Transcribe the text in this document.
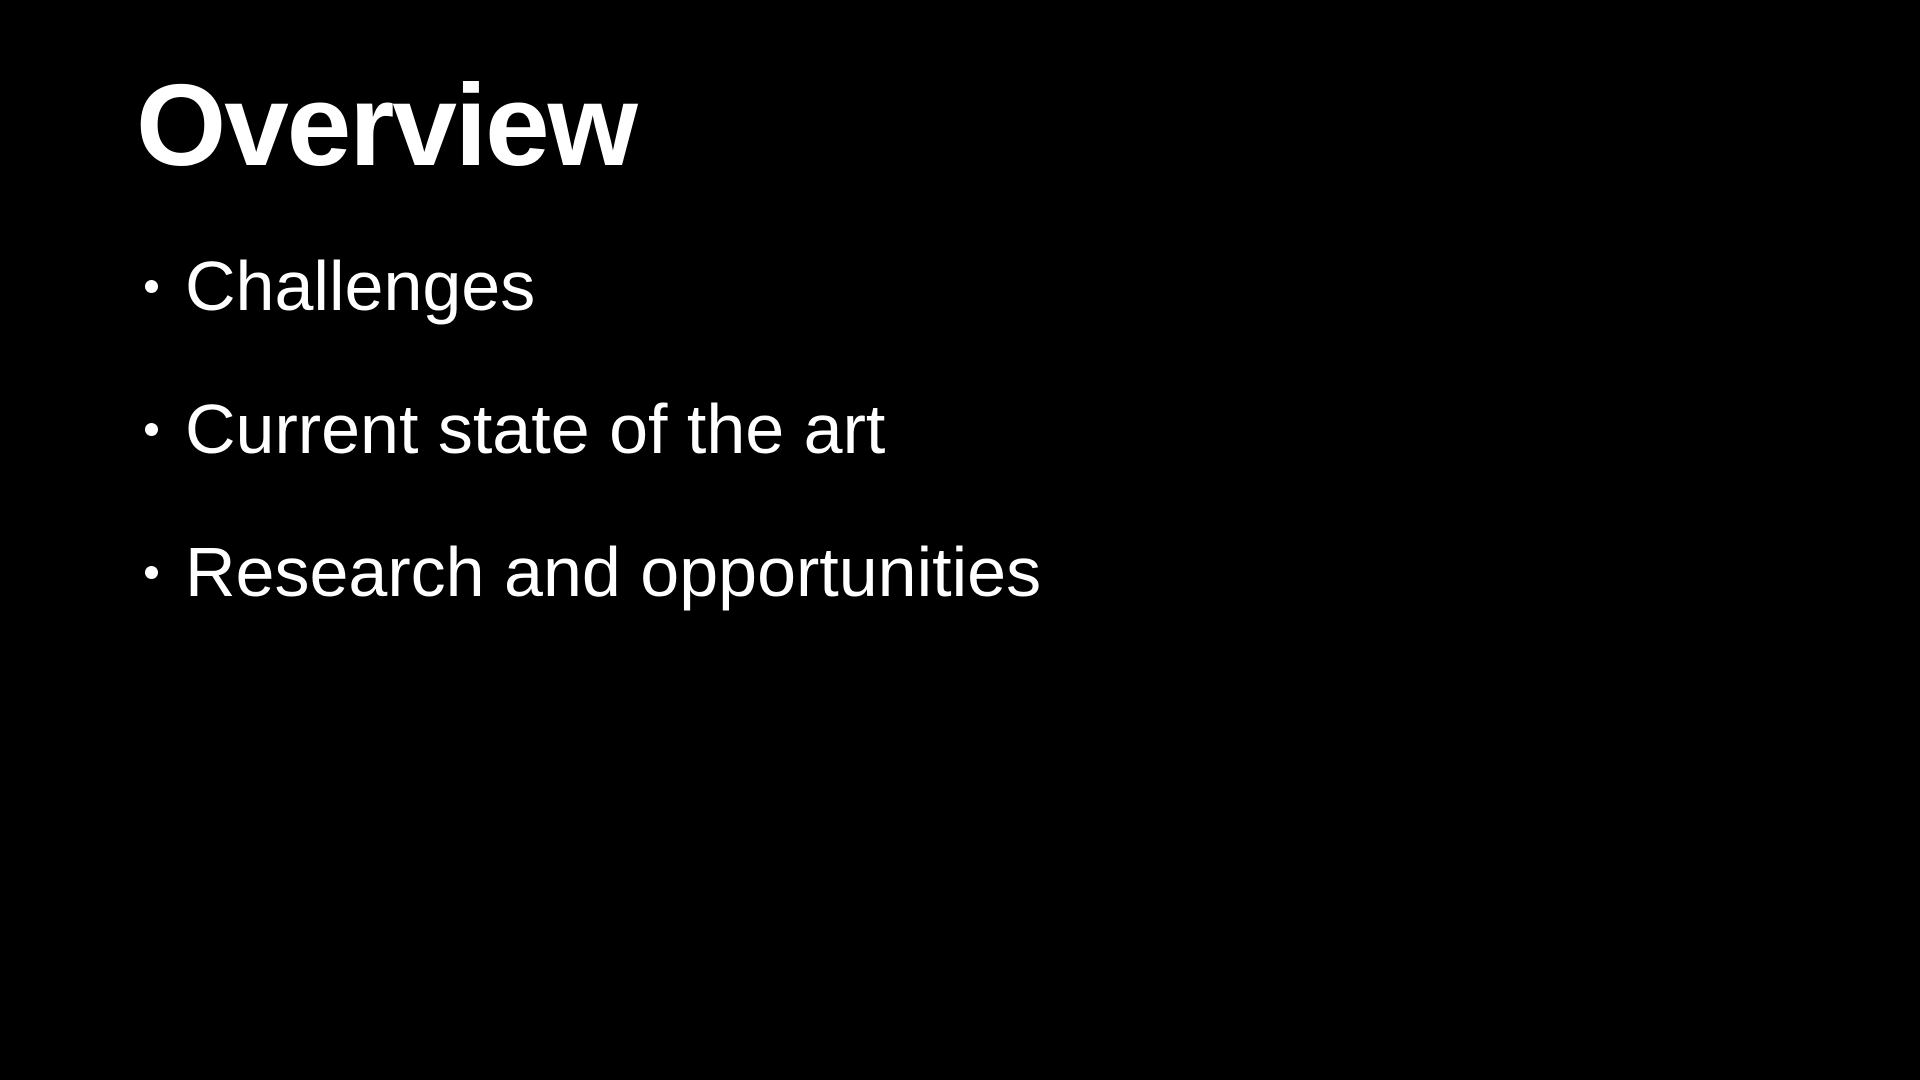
Overview
Challenges
Current state of the art
Research and opportunities
